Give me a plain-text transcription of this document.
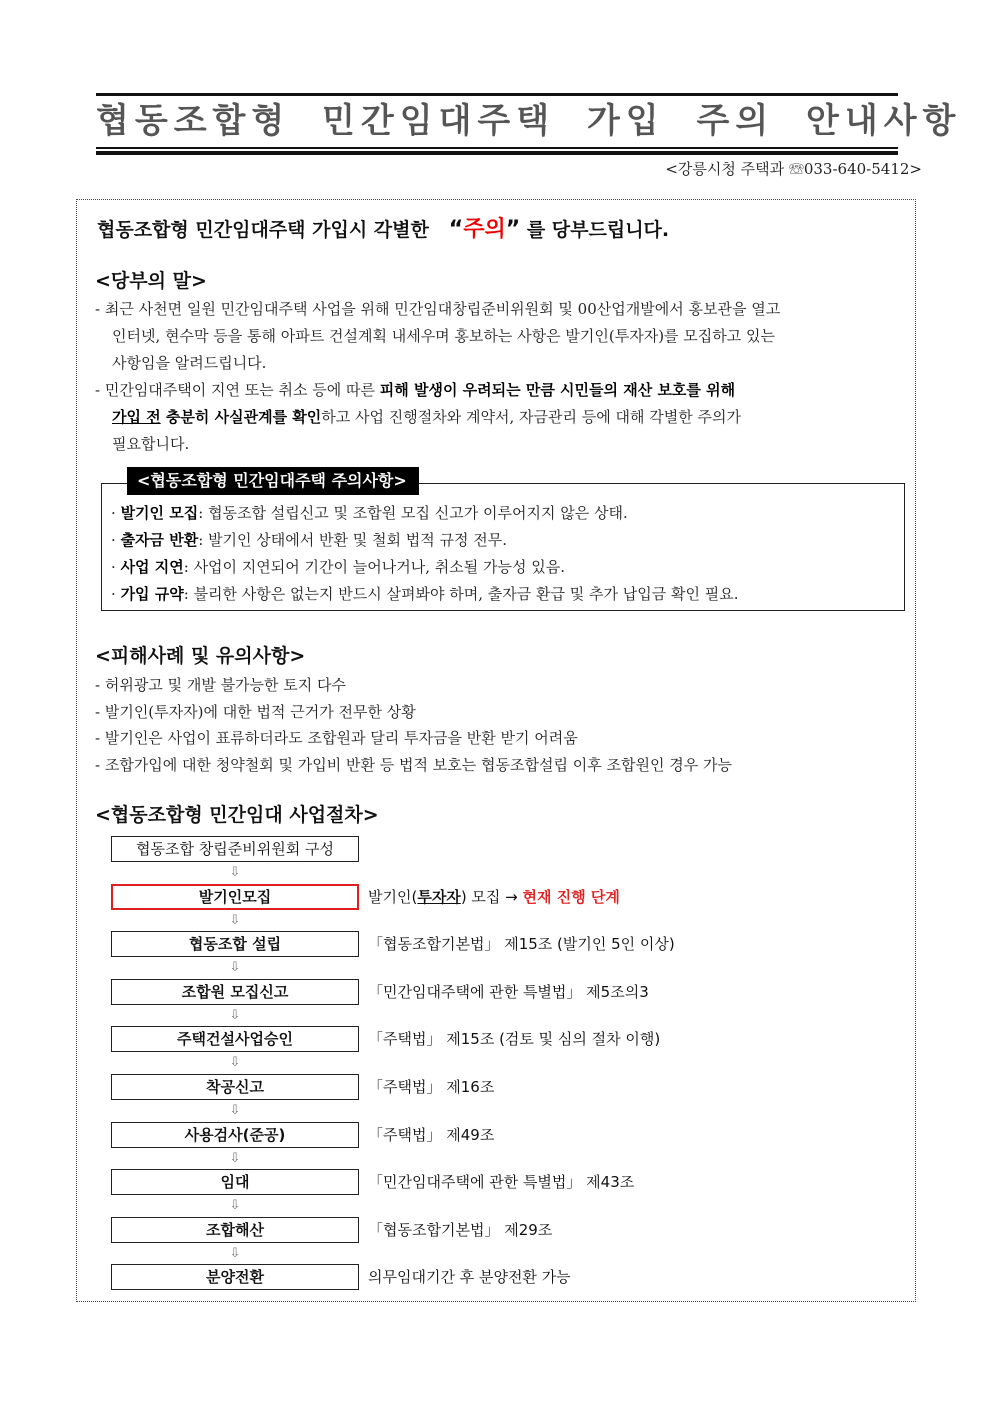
협동조합형 민간임대주택 가입 주의 안내사항
<강릉시청 주택과 ☏033-640-5412>
협동조합형 민간임대주택 가입시 각별한 “주의” 를 당부드립니다.
<당부의 말>
- 최근 사천면 일원 민간임대주택 사업을 위해 민간임대창립준비위원회 및 00산업개발에서 홍보관을 열고
인터넷, 현수막 등을 통해 아파트 건설계획 내세우며 홍보하는 사항은 발기인(투자자)를 모집하고 있는
사항임을 알려드립니다.
- 민간임대주택이 지연 또는 취소 등에 따른 피해 발생이 우려되는 만큼 시민들의 재산 보호를 위해
가입 전 충분히 사실관계를 확인하고 사업 진행절차와 계약서, 자금관리 등에 대해 각별한 주의가
필요합니다.
<협동조합형 민간임대주택 주의사항>
· 발기인 모집: 협동조합 설립신고 및 조합원 모집 신고가 이루어지지 않은 상태.
· 출자금 반환: 발기인 상태에서 반환 및 철회 법적 규정 전무.
· 사업 지연: 사업이 지연되어 기간이 늘어나거나, 취소될 가능성 있음.
· 가입 규약: 불리한 사항은 없는지 반드시 살펴봐야 하며, 출자금 환급 및 추가 납입금 확인 필요.
<피해사례 및 유의사항>
- 허위광고 및 개발 불가능한 토지 다수
- 발기인(투자자)에 대한 법적 근거가 전무한 상황
- 발기인은 사업이 표류하더라도 조합원과 달리 투자금을 반환 받기 어려움
- 조합가입에 대한 청약철회 및 가입비 반환 등 법적 보호는 협동조합설립 이후 조합원인 경우 가능
<협동조합형 민간임대 사업절차>
협동조합 창립준비위원회 구성
⇩
발기인모집	발기인(투자자) 모집 → 현재 진행 단계
⇩
협동조합 설립	「협동조합기본법」 제15조 (발기인 5인 이상)
⇩
조합원 모집신고	「민간임대주택에 관한 특별법」 제5조의3
⇩
주택건설사업승인	「주택법」 제15조 (검토 및 심의 절차 이행)
⇩
착공신고	「주택법」 제16조
⇩
사용검사(준공)	「주택법」 제49조
⇩
임대	「민간임대주택에 관한 특별법」 제43조
⇩
조합해산	「협동조합기본법」 제29조
⇩
분양전환	의무임대기간 후 분양전환 가능
